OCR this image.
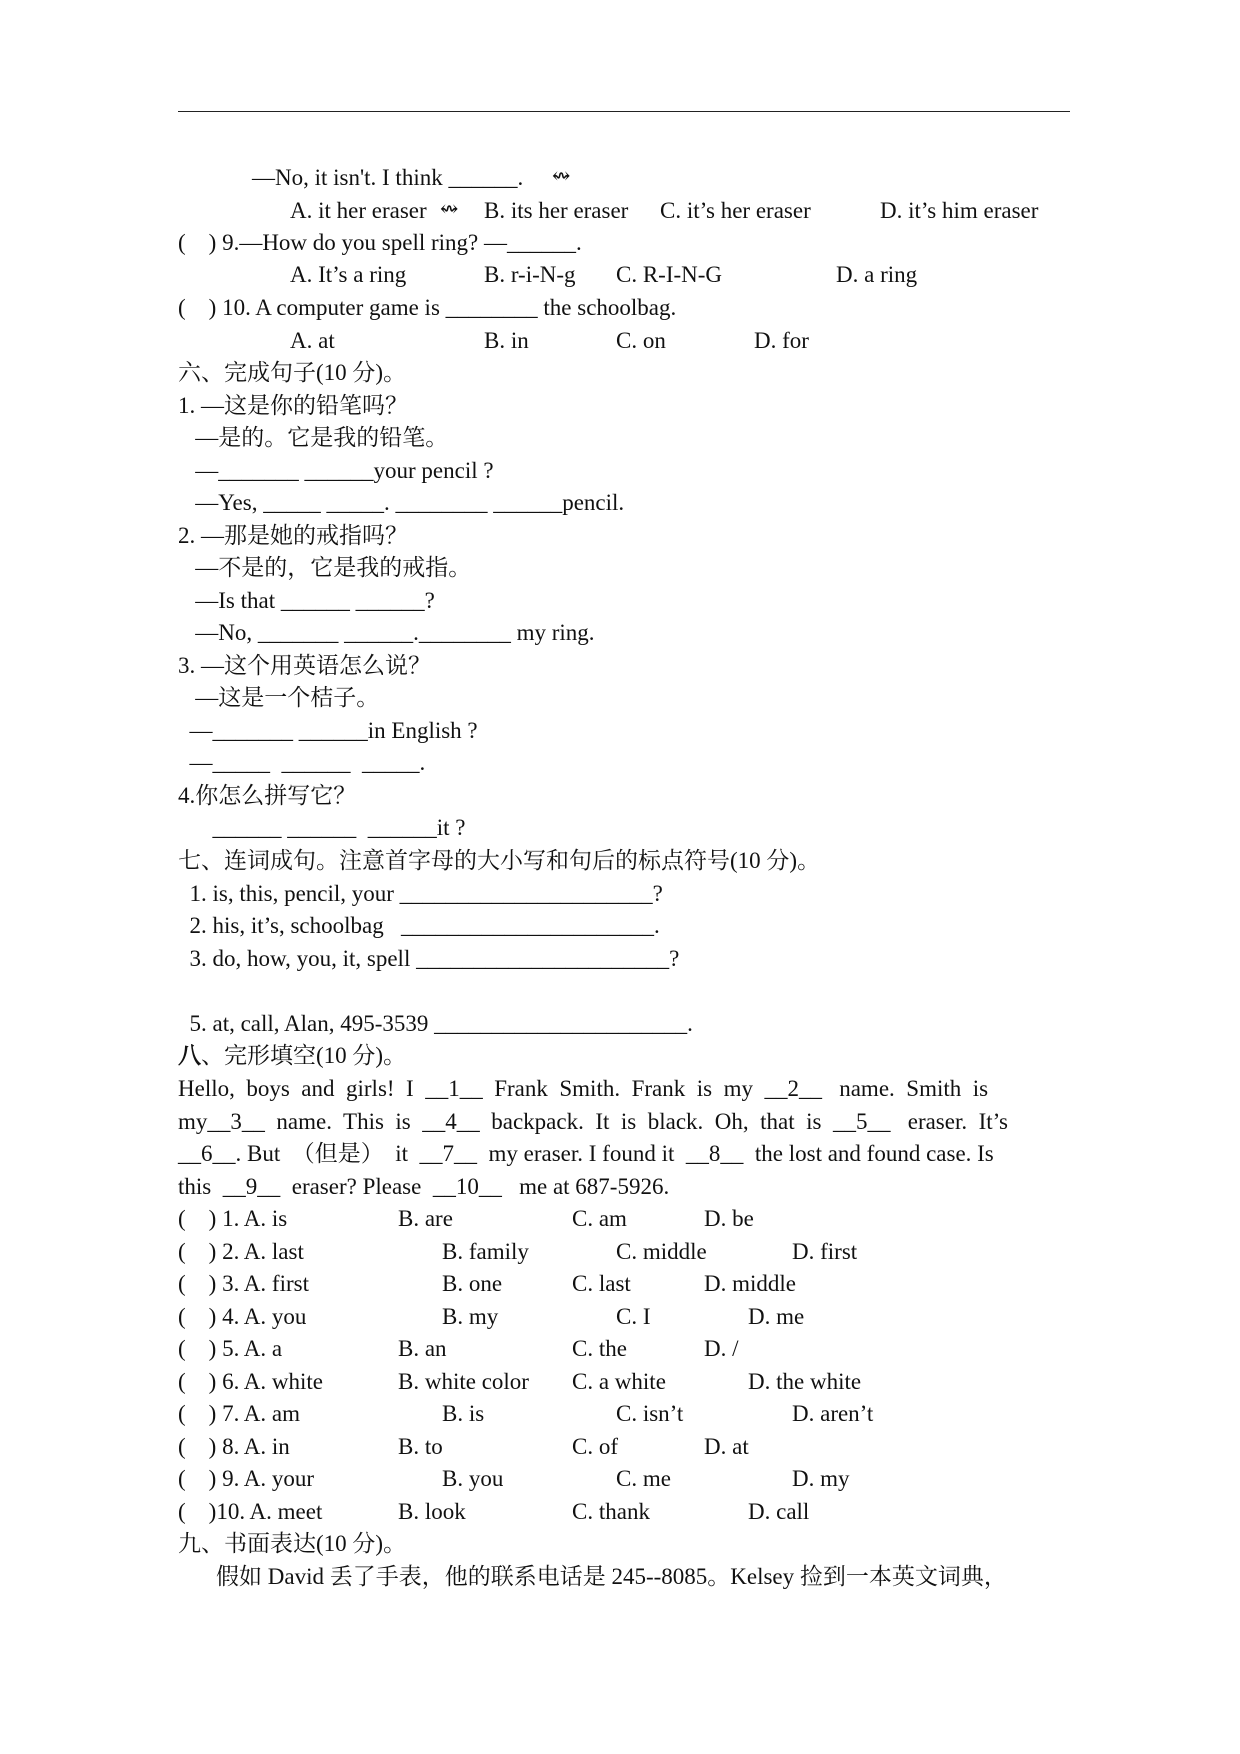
—No, it isn't. I think ______. ↭
A. it her eraser ↭ B. its her eraser C. it’s her eraser	D. it’s him eraser
(    ) 9.—How do you spell ring? —______.
A. It’s a ring	B. r-i-N-g C. R-I-N-G	D. a ring
(    ) 10. A computer game is ________ the schoolbag.
A. at	B. in	C. on	D. for
六、完成句子(10 分)。
1. —这是你的铅笔吗？
—是的。它是我的铅笔。
—_______ ______your pencil ?
—Yes, _____ _____. ________ ______pencil.
2. —那是她的戒指吗？
—不是的，它是我的戒指。
—Is that ______ ______?
—No, _______ ______.________ my ring.
3. —这个用英语怎么说？
—这是一个桔子。
—_______ ______in English ?
—_____  ______  _____.
4.你怎么拼写它？
______ ______  ______it ?
七、连词成句。注意首字母的大小写和句后的标点符号(10 分)。
1. is, this, pencil, your ______________________?
2. his, it’s, schoolbag   ______________________.
3. do, how, you, it, spell ______________________?
5. at, call, Alan, 495-3539 ______________________.
八、完形填空(10 分)。
Hello,  boys  and  girls!  I  __1__  Frank  Smith.  Frank  is  my  __2__   name.  Smith  is
my__3__  name.  This  is  __4__  backpack.  It  is  black.  Oh,  that  is  __5__   eraser.  It’s
__6__. But  （但是）  it  __7__  my eraser. I found it  __8__  the lost and found case. Is
this  __9__  eraser? Please  __10__   me at 687-5926.
(    ) 1. A. is	B. are	C. am	D. be
(    ) 2. A. last	B. family	C. middle	D. first
(    ) 3. A. first	B. one	C. last	D. middle
(    ) 4. A. you	B. my	C. I	D. me
(    ) 5. A. a	B. an	C. the	D. /
(    ) 6. A. white	B. white color C. a white	D. the white
(    ) 7. A. am	B. is	C. isn’t	D. aren’t
(    ) 8. A. in	B. to	C. of	D. at
(    ) 9. A. your	B. you	C. me	D. my
(    )10. A. meet	B. look	C. thank	D. call
九、书面表达(10 分)。
假如 David 丢了手表，他的联系电话是 245--8085。Kelsey 捡到一本英文词典，
